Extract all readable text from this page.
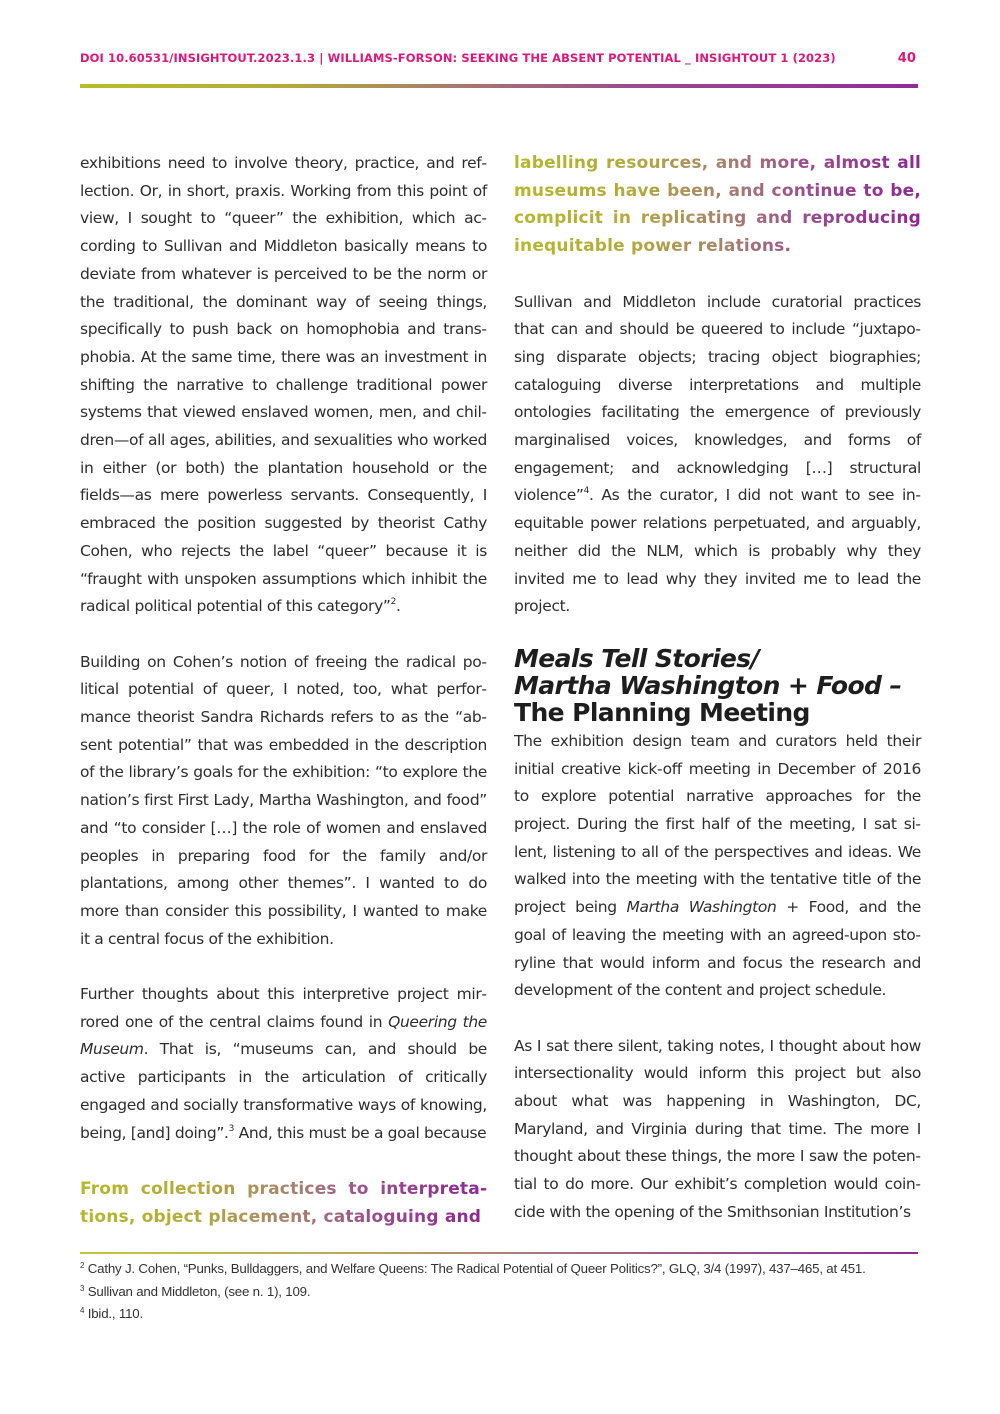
DOI 10.60531/INSIGHTOUT.2023.1.3 | WILLIAMS-FORSON: SEEKING THE ABSENT POTENTIAL _ INSIGHTOUT 1 (2023)	40

exhibitions need to involve theory, practice, and reflection. Or, in short, praxis. Working from this point of view, I sought to “queer” the exhibition, which according to Sullivan and Middleton basically means to deviate from whatever is perceived to be the norm or the traditional, the dominant way of seeing things, specifically to push back on homophobia and transphobia. At the same time, there was an investment in shifting the narrative to challenge traditional power systems that viewed enslaved women, men, and children—of all ages, abilities, and sexualities who worked in either (or both) the plantation household or the fields—as mere powerless servants. Consequently, I embraced the position suggested by theorist Cathy Cohen, who rejects the label “queer” because it is “fraught with unspoken assumptions which inhibit the radical political potential of this category”$^2$.

Building on Cohen’s notion of freeing the radical political potential of queer, I noted, too, what performance theorist Sandra Richards refers to as the “absent potential” that was embedded in the description of the library’s goals for the exhibition: “to explore the nation’s first First Lady, Martha Washington, and food” and “to consider […] the role of women and enslaved peoples in preparing food for the family and/​or plantations, among other themes”. I wanted to do more than consider this possibility, I wanted to make it a central focus of the exhibition.

Further thoughts about this interpretive project mirrored one of the central claims found in Queering the Museum. That is, “museums can, and should be active participants in the articulation of critically engaged and socially transformative ways of knowing, being, [and] doing”.$^3$ And, this must be a goal because

From collection practices to interpretations, object placement, cataloguing and
labelling resources, and more, almost all museums have been, and continue to be, complicit in replicating and reproducing inequitable power relations.

Sullivan and Middleton include curatorial practices that can and should be queered to include “juxtaposing disparate objects; tracing object biographies; cataloguing diverse interpretations and multiple ontologies facilitating the emergence of previously marginalised voices, knowledges, and forms of engagement; and acknowledging […] structural violence”$^4$. As the curator, I did not want to see inequitable power relations perpetuated, and arguably, neither did the NLM, which is probably why they invited me to lead why they invited me to lead the project.

Meals Tell Stories/
Martha Washington + Food –
The Planning Meeting

The exhibition design team and curators held their initial creative kick-off meeting in December of 2016 to explore potential narrative approaches for the project. During the first half of the meeting, I sat silent, listening to all of the perspectives and ideas. We walked into the meeting with the tentative title of the project being Martha Washington + Food, and the goal of leaving the meeting with an agreed-upon storyline that would inform and focus the research and development of the content and project schedule.

As I sat there silent, taking notes, I thought about how intersectionality would inform this project but also about what was happening in Washington, DC, Maryland, and Virginia during that time. The more I thought about these things, the more I saw the potential to do more. Our exhibit’s completion would coincide with the opening of the Smithsonian Institution’s

$^2$ Cathy J. Cohen, “Punks, Bulldaggers, and Welfare Queens: The Radical Potential of Queer Politics?”, GLQ, 3/4 (1997), 437–465, at 451.
$^3$ Sullivan and Middleton, (see n. 1), 109.
$^4$ Ibid., 110.
